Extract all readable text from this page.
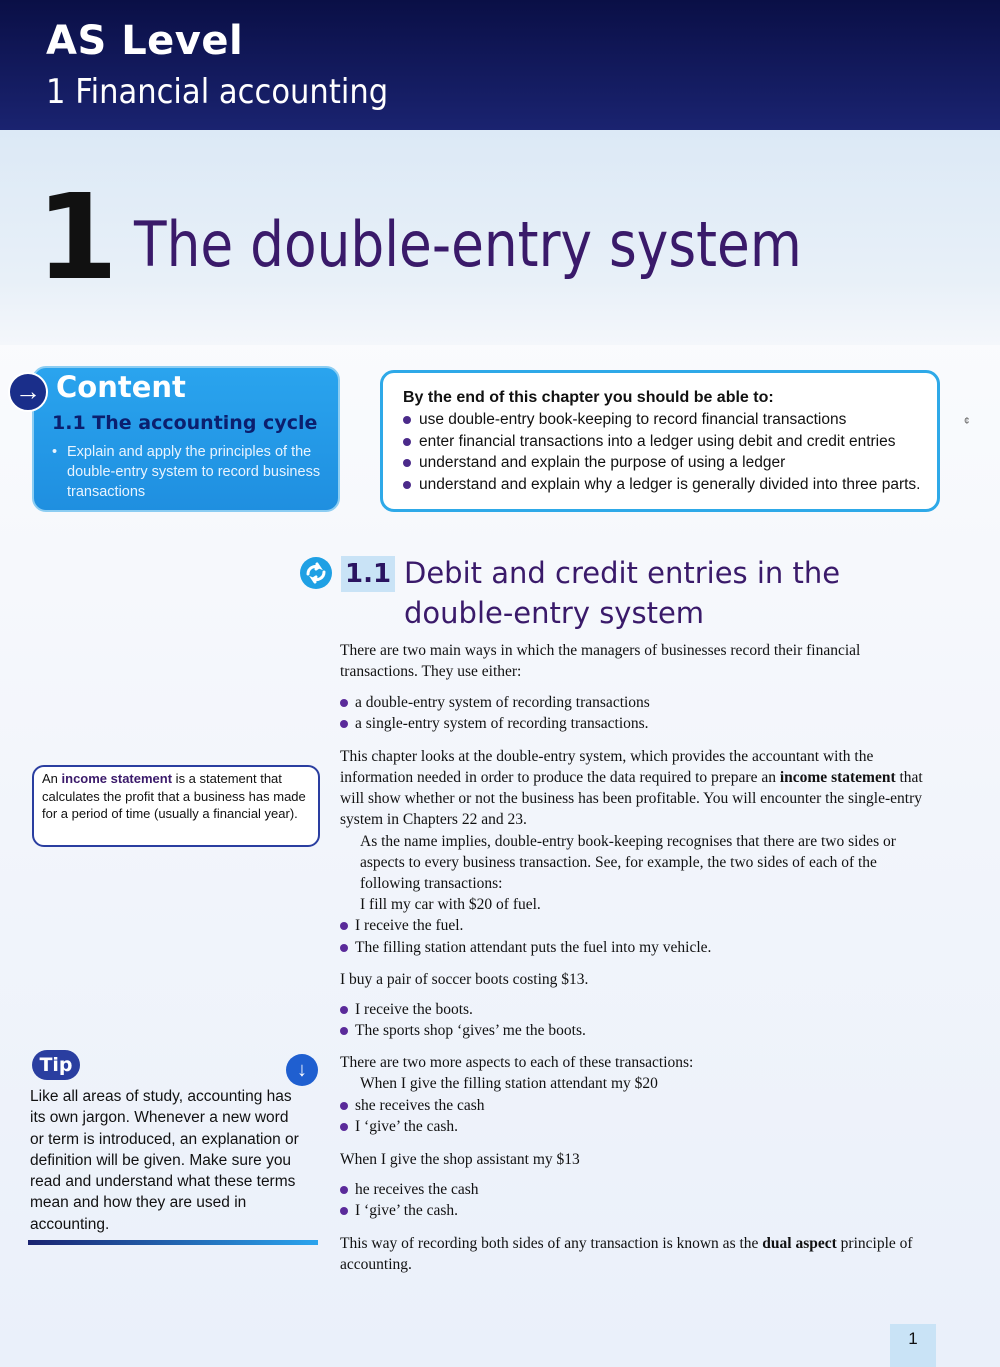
AS Level
1 Financial accounting
1 The double-entry system
→ Content
1.1 The accounting cycle
• Explain and apply the principles of the double-entry system to record business transactions
By the end of this chapter you should be able to:
use double-entry book-keeping to record financial transactions
enter financial transactions into a ledger using debit and credit entries
understand and explain the purpose of using a ledger
understand and explain why a ledger is generally divided into three parts.
¢
1.1 Debit and credit entries in the double-entry system
There are two main ways in which the managers of businesses record their financial transactions. They use either:
a double-entry system of recording transactions
a single-entry system of recording transactions.
This chapter looks at the double-entry system, which provides the accountant with the information needed in order to produce the data required to prepare an income statement that will show whether or not the business has been profitable. You will encounter the single-entry system in Chapters 22 and 23.
As the name implies, double-entry book-keeping recognises that there are two sides or aspects to every business transaction. See, for example, the two sides of each of the following transactions:
I fill my car with $20 of fuel.
I receive the fuel.
The filling station attendant puts the fuel into my vehicle.
I buy a pair of soccer boots costing $13.
I receive the boots.
The sports shop ‘gives’ me the boots.
There are two more aspects to each of these transactions:
When I give the filling station attendant my $20
she receives the cash
I ‘give’ the cash.
When I give the shop assistant my $13
he receives the cash
I ‘give’ the cash.
This way of recording both sides of any transaction is known as the dual aspect principle of accounting.
An income statement is a statement that calculates the profit that a business has made for a period of time (usually a financial year).
Tip	↓
Like all areas of study, accounting has its own jargon. Whenever a new word or term is introduced, an explanation or definition will be given. Make sure you read and understand what these terms mean and how they are used in accounting.
1
